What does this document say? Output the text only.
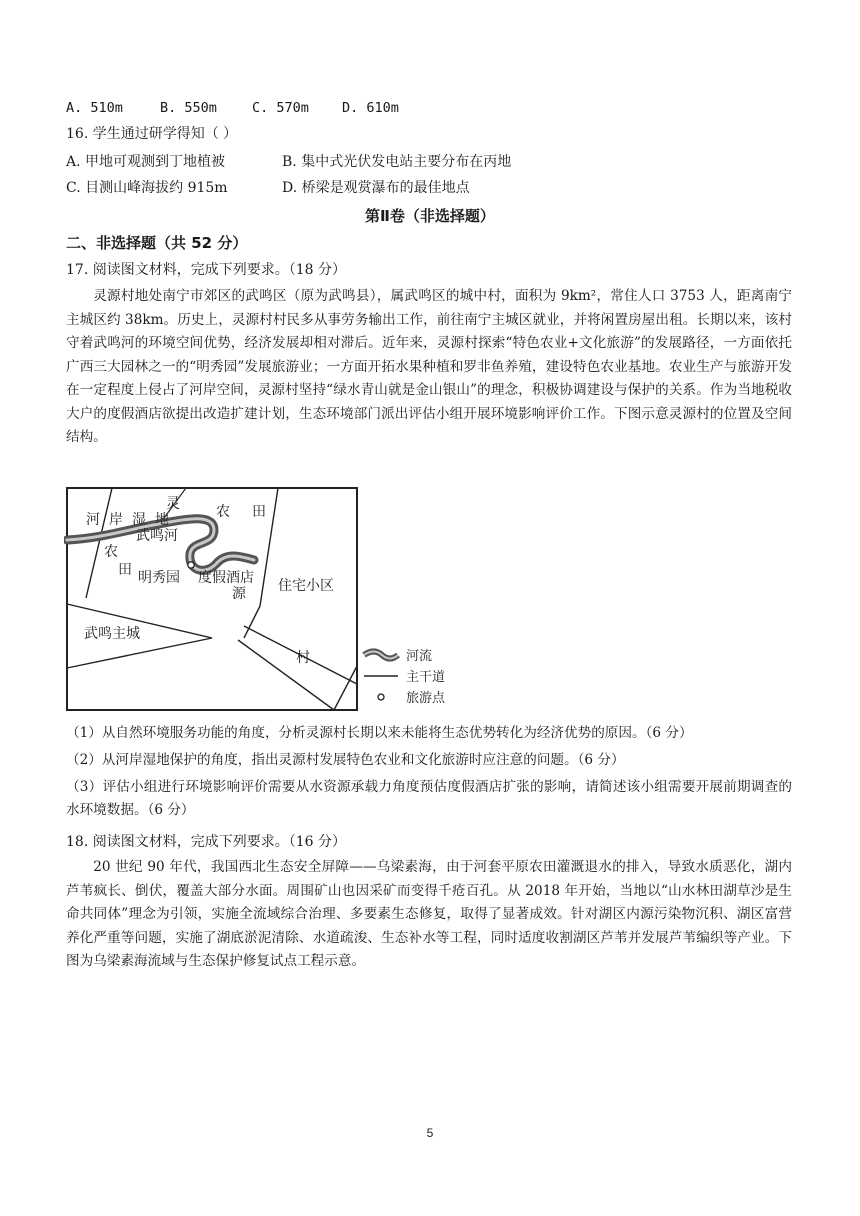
A. 510m	B. 550m	C. 570m D. 610m
16. 学生通过研学得知（ ）
A. 甲地可观测到丁地植被	B. 集中式光伏发电站主要分布在丙地
C. 目测山峰海拔约 915m	D. 桥梁是观赏瀑布的最佳地点
第Ⅱ卷（非选择题）
二、非选择题（共 52 分）
17. 阅读图文材料，完成下列要求。（18 分）
灵源村地处南宁市郊区的武鸣区（原为武鸣县），属武鸣区的城中村，面积为 9km²，常住人口 3753 人，距离南宁主城区约 38km。历史上，灵源村村民多从事劳务输出工作，前往南宁主城区就业，并将闲置房屋出租。长期以来，该村守着武鸣河的环境空间优势，经济发展却相对滞后。近年来，灵源村探索“特色农业+文化旅游”的发展路径，一方面依托广西三大园林之一的“明秀园”发展旅游业；一方面开拓水果种植和罗非鱼养殖，建设特色农业基地。农业生产与旅游开发在一定程度上侵占了河岸空间，灵源村坚持“绿水青山就是金山银山”的理念，积极协调建设与保护的关系。作为当地税收大户的度假酒店欲提出改造扩建计划，生态环境部门派出评估小组开展环境影响评价工作。下图示意灵源村的位置及空间结构。
河 岸 湿 地
灵	农 田
武鸣河
农
田 明秀园 度假酒店
源 住宅小区
武鸣主城
村	河流
主干道
旅游点
（1）从自然环境服务功能的角度，分析灵源村长期以来未能将生态优势转化为经济优势的原因。（6 分）
（2）从河岸湿地保护的角度，指出灵源村发展特色农业和文化旅游时应注意的问题。（6 分）
（3）评估小组进行环境影响评价需要从水资源承载力角度预估度假酒店扩张的影响，请简述该小组需要开展前期调查的水环境数据。（6 分）
18. 阅读图文材料，完成下列要求。（16 分）
20 世纪 90 年代，我国西北生态安全屏障——乌梁素海，由于河套平原农田灌溉退水的排入，导致水质恶化，湖内芦苇疯长、倒伏，覆盖大部分水面。周围矿山也因采矿而变得千疮百孔。从 2018 年开始，当地以“山水林田湖草沙是生命共同体”理念为引领，实施全流域综合治理、多要素生态修复，取得了显著成效。针对湖区内源污染物沉积、湖区富营养化严重等问题，实施了湖底淤泥清除、水道疏浚、生态补水等工程，同时适度收割湖区芦苇并发展芦苇编织等产业。下图为乌梁素海流域与生态保护修复试点工程示意。
5
